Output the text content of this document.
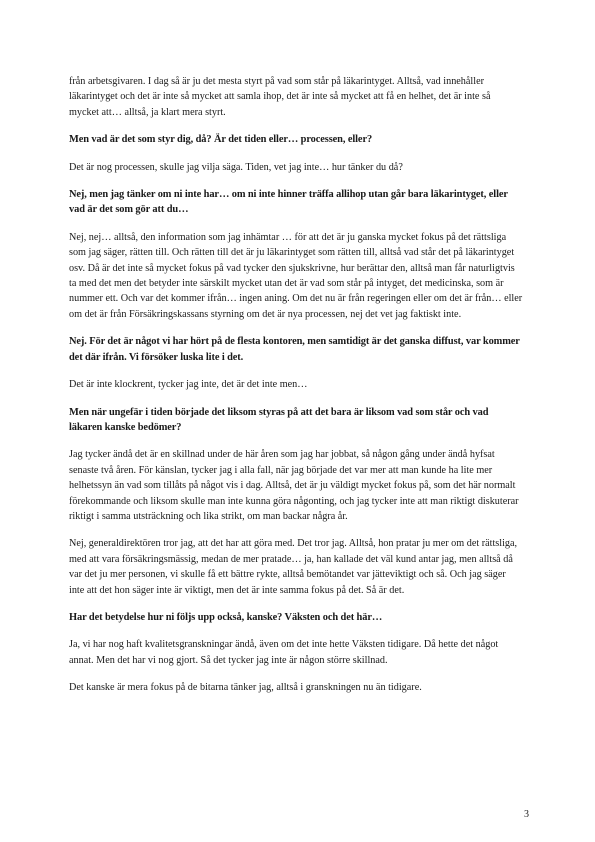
från arbetsgivaren. I dag så är ju det mesta styrt på vad som står på läkarintyget. Alltså, vad innehåller läkarintyget och det är inte så mycket att samla ihop, det är inte så mycket att få en helhet, det är inte så mycket att… alltså, ja klart mera styrt.

Men vad är det som styr dig, då? Är det tiden eller… processen, eller?

Det är nog processen, skulle jag vilja säga. Tiden, vet jag inte… hur tänker du då?

Nej, men jag tänker om ni inte har… om ni inte hinner träffa allihop utan går bara läkarintyget, eller vad är det som gör att du…

Nej, nej… alltså, den information som jag inhämtar … för att det är ju ganska mycket fokus på det rättsliga som jag säger, rätten till. Och rätten till det är ju läkarintyget som rätten till, alltså vad står det på läkarintyget osv. Då är det inte så mycket fokus på vad tycker den sjukskrivne, hur berättar den, alltså man får naturligtvis ta med det men det betyder inte särskilt mycket utan det är vad som står på intyget, det medicinska, som är nummer ett. Och var det kommer ifrån… ingen aning. Om det nu är från regeringen eller om det är från… eller om det är från Försäkringskassans styrning om det är nya processen, nej det vet jag faktiskt inte.

Nej. För det är något vi har hört på de flesta kontoren, men samtidigt är det ganska diffust, var kommer det där ifrån. Vi försöker luska lite i det.

Det är inte klockrent, tycker jag inte, det är det inte men…

Men när ungefär i tiden började det liksom styras på att det bara är liksom vad som står och vad läkaren kanske bedömer?

Jag tycker ändå det är en skillnad under de här åren som jag har jobbat, så någon gång under ändå hyfsat senaste två åren. För känslan, tycker jag i alla fall, när jag började det var mer att man kunde ha lite mer helhetssyn än vad som tillåts på något vis i dag. Alltså, det är ju väldigt mycket fokus på, som det här normalt förekommande och liksom skulle man inte kunna göra någonting, och jag tycker inte att man riktigt diskuterar riktigt i samma utsträckning och lika strikt, om man backar några år.

Nej, generaldirektören tror jag, att det har att göra med. Det tror jag. Alltså, hon pratar ju mer om det rättsliga, med att vara försäkringsmässig, medan de mer pratade… ja, han kallade det väl kund antar jag, men alltså då var det ju mer personen, vi skulle få ett bättre rykte, alltså bemötandet var jätteviktigt och så. Och jag säger inte att det hon säger inte är viktigt, men det är inte samma fokus på det. Så är det.

Har det betydelse hur ni följs upp också, kanske? Väksten och det här…

Ja, vi har nog haft kvalitetsgranskningar ändå, även om det inte hette Väksten tidigare. Då hette det något annat. Men det har vi nog gjort. Så det tycker jag inte är någon större skillnad.

Det kanske är mera fokus på de bitarna tänker jag, alltså i granskningen nu än tidigare.

3
